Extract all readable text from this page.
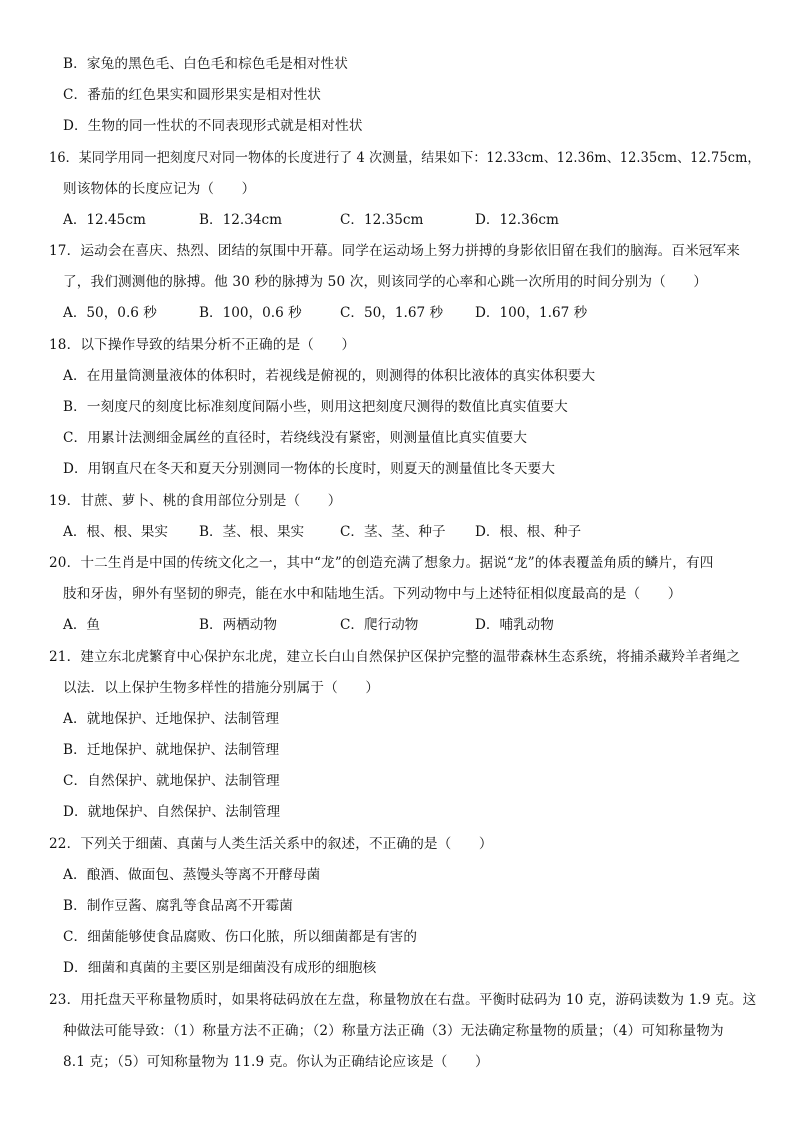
B．家兔的黑色毛、白色毛和棕色毛是相对性状
C．番茄的红色果实和圆形果实是相对性状
D．生物的同一性状的不同表现形式就是相对性状
16．某同学用同一把刻度尺对同一物体的长度进行了 4 次测量，结果如下：12.33cm、12.36m、12.35cm、12.75cm，
则该物体的长度应记为（　　）
A．12.45cm	B．12.34cm	C．12.35cm	D．12.36cm
17．运动会在喜庆、热烈、团结的氛围中开幕。同学在运动场上努力拼搏的身影依旧留在我们的脑海。百米冠军来
了，我们测测他的脉搏。他 30 秒的脉搏为 50 次，则该同学的心率和心跳一次所用的时间分别为（　　）
A．50，0.6 秒	B．100，0.6 秒	C．50，1.67 秒 D．100，1.67 秒
18．以下操作导致的结果分析不正确的是（　　）
A．在用量筒测量液体的体积时，若视线是俯视的，则测得的体积比液体的真实体积要大
B．一刻度尺的刻度比标准刻度间隔小些，则用这把刻度尺测得的数值比真实值要大
C．用累计法测细金属丝的直径时，若绕线没有紧密，则测量值比真实值要大
D．用钢直尺在冬天和夏天分别测同一物体的长度时，则夏天的测量值比冬天要大
19．甘蔗、萝卜、桃的食用部位分别是（　　）
A．根、根、果实 B．茎、根、果实	C．茎、茎、种子 D．根、根、种子
20．十二生肖是中国的传统文化之一，其中“龙”的创造充满了想象力。据说“龙”的体表覆盖角质的鳞片，有四
肢和牙齿，卵外有坚韧的卵壳，能在水中和陆地生活。下列动物中与上述特征相似度最高的是（　　）
A．鱼	B．两栖动物	C．爬行动物	D．哺乳动物
21．建立东北虎繁育中心保护东北虎，建立长白山自然保护区保护完整的温带森林生态系统，将捕杀藏羚羊者绳之
以法．以上保护生物多样性的措施分别属于（　　）
A．就地保护、迁地保护、法制管理
B．迁地保护、就地保护、法制管理
C．自然保护、就地保护、法制管理
D．就地保护、自然保护、法制管理
22．下列关于细菌、真菌与人类生活关系中的叙述，不正确的是（　　）
A．酿酒、做面包、蒸馒头等离不开酵母菌
B．制作豆酱、腐乳等食品离不开霉菌
C．细菌能够使食品腐败、伤口化脓，所以细菌都是有害的
D．细菌和真菌的主要区别是细菌没有成形的细胞核
23．用托盘天平称量物质时，如果将砝码放在左盘，称量物放在右盘。平衡时砝码为 10 克，游码读数为 1.9 克。这
种做法可能导致：（1）称量方法不正确；（2）称量方法正确（3）无法确定称量物的质量；（4）可知称量物为
8.1 克；（5）可知称量物为 11.9 克。你认为正确结论应该是（　　）
